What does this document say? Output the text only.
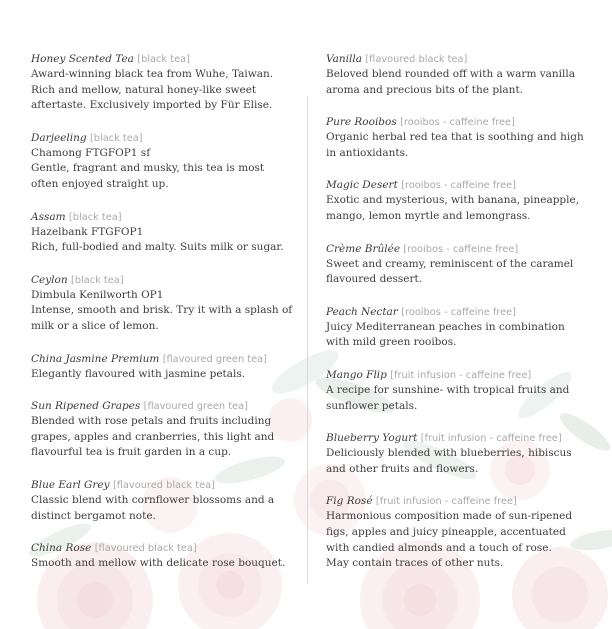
Honey Scented Tea [black tea]
Award-winning black tea from Wuhe, Taiwan.
Rich and mellow, natural honey-like sweet
aftertaste. Exclusively imported by Für Elise.
Darjeeling [black tea]
Chamong FTGFOP1 sf
Gentle, fragrant and musky, this tea is most
often enjoyed straight up.
Assam [black tea]
Hazelbank FTGFOP1
Rich, full-bodied and malty. Suits milk or sugar.
Ceylon [black tea]
Dimbula Kenilworth OP1
Intense, smooth and brisk. Try it with a splash of
milk or a slice of lemon.
China Jasmine Premium [flavoured green tea]
Elegantly flavoured with jasmine petals.
Sun Ripened Grapes [flavoured green tea]
Blended with rose petals and fruits including
grapes, apples and cranberries, this light and
flavourful tea is fruit garden in a cup.
Blue Earl Grey [flavoured black tea]
Classic blend with cornflower blossoms and a
distinct bergamot note.
China Rose [flavoured black tea]
Smooth and mellow with delicate rose bouquet.
Vanilla [flavoured black tea]
Beloved blend rounded off with a warm vanilla
aroma and precious bits of the plant.
Pure Rooibos [rooibos - caffeine free]
Organic herbal red tea that is soothing and high
in antioxidants.
Magic Desert [rooibos - caffeine free]
Exotic and mysterious, with banana, pineapple,
mango, lemon myrtle and lemongrass.
Crème Brûlée [rooibos - caffeine free]
Sweet and creamy, reminiscent of the caramel
flavoured dessert.
Peach Nectar [rooibos - caffeine free]
Juicy Mediterranean peaches in combination
with mild green rooibos.
Mango Flip [fruit infusion - caffeine free]
A recipe for sunshine- with tropical fruits and
sunflower petals.
Blueberry Yogurt [fruit infusion - caffeine free]
Deliciously blended with blueberries, hibiscus
and other fruits and flowers.
Fig Rosé [fruit infusion - caffeine free]
Harmonious composition made of sun-ripened
figs, apples and juicy pineapple, accentuated
with candied almonds and a touch of rose.
May contain traces of other nuts.
